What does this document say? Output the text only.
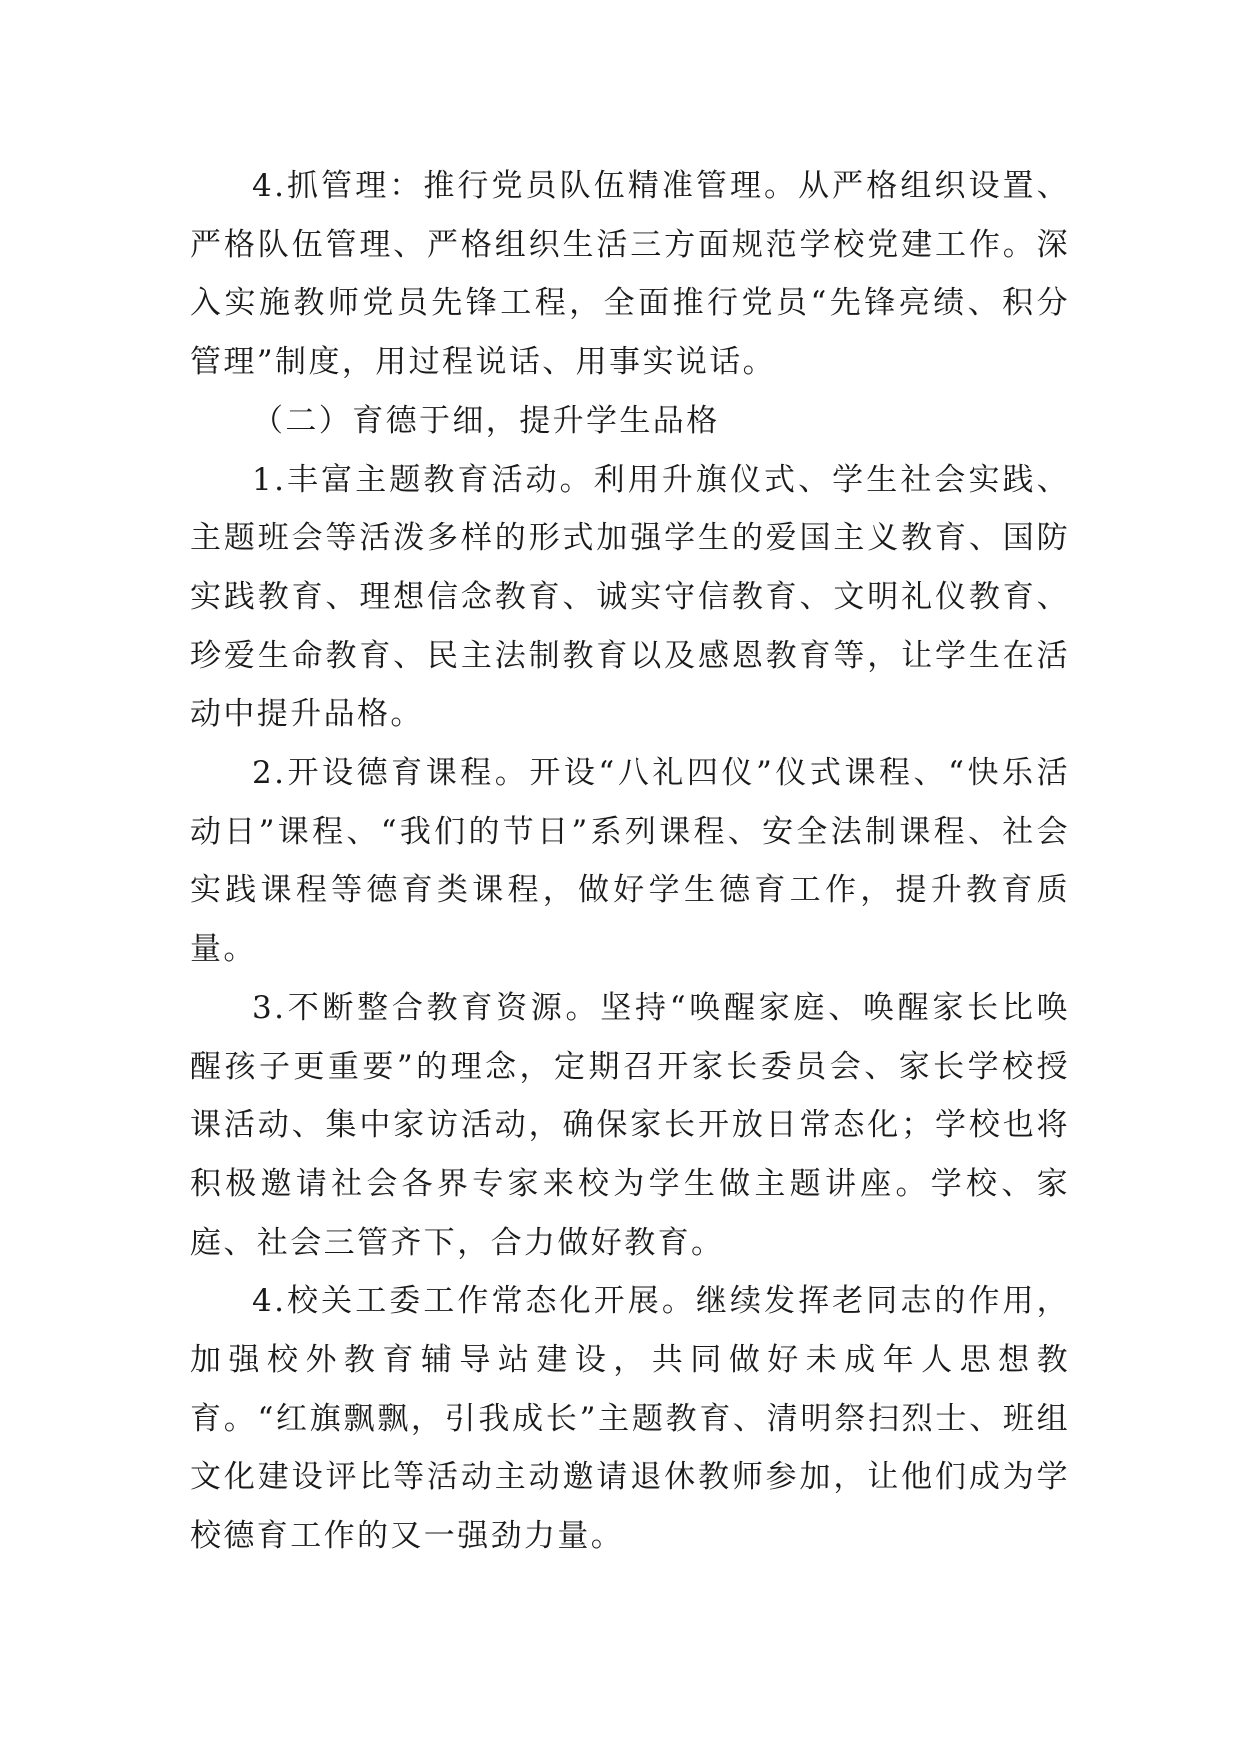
4.抓管理：推行党员队伍精准管理。从严格组织设置、严格队伍管理、严格组织生活三方面规范学校党建工作。深入实施教师党员先锋工程，全面推行党员“先锋亮绩、积分管理”制度，用过程说话、用事实说话。

（二）育德于细，提升学生品格

1.丰富主题教育活动。利用升旗仪式、学生社会实践、主题班会等活泼多样的形式加强学生的爱国主义教育、国防实践教育、理想信念教育、诚实守信教育、文明礼仪教育、珍爱生命教育、民主法制教育以及感恩教育等，让学生在活动中提升品格。

2.开设德育课程。开设“八礼四仪”仪式课程、“快乐活动日”课程、“我们的节日”系列课程、安全法制课程、社会实践课程等德育类课程，做好学生德育工作，提升教育质量。

3.不断整合教育资源。坚持“唤醒家庭、唤醒家长比唤醒孩子更重要”的理念，定期召开家长委员会、家长学校授课活动、集中家访活动，确保家长开放日常态化；学校也将积极邀请社会各界专家来校为学生做主题讲座。学校、家庭、社会三管齐下，合力做好教育。

4.校关工委工作常态化开展。继续发挥老同志的作用，加强校外教育辅导站建设，共同做好未成年人思想教育。“红旗飘飘，引我成长”主题教育、清明祭扫烈士、班组文化建设评比等活动主动邀请退休教师参加，让他们成为学校德育工作的又一强劲力量。
